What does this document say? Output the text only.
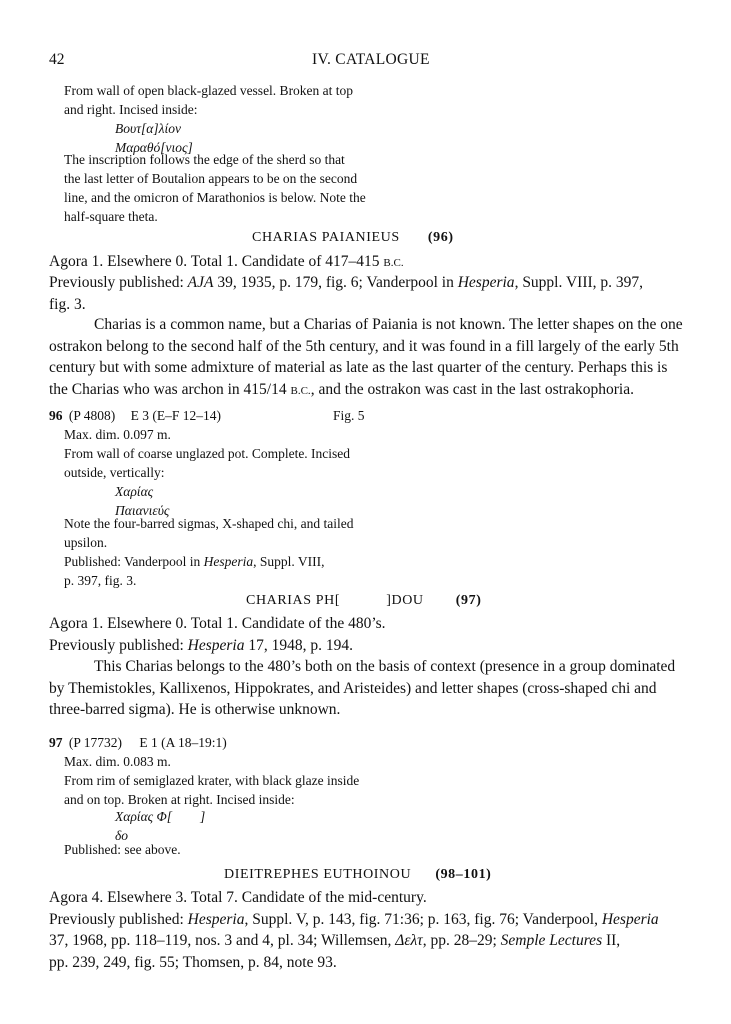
42	IV. CATALOGUE
From wall of open black-glazed vessel. Broken at top
and right. Incised inside:
Βουτ[α]λίον
Μαραθό[νιος]
The inscription follows the edge of the sherd so that
the last letter of Boutalion appears to be on the second
line, and the omicron of Marathonios is below. Note the
half-square theta.
CHARIAS PAIANIEUS (96)
Agora 1. Elsewhere 0. Total 1. Candidate of 417–415 B.C.
Previously published: AJA 39, 1935, p. 179, fig. 6; Vanderpool in Hesperia, Suppl. VIII, p. 397,
fig. 3.
Charias is a common name, but a Charias of Paiania is not known. The letter shapes on the one
ostrakon belong to the second half of the 5th century, and it was found in a fill largely of the early 5th
century but with some admixture of material as late as the last quarter of the century. Perhaps this is
the Charias who was archon in 415/14 B.C., and the ostrakon was cast in the last ostrakophoria.
96 (P 4808) E 3 (E–F 12–14)	Fig. 5
Max. dim. 0.097 m.
From wall of coarse unglazed pot. Complete. Incised
outside, vertically:
Χαρίας
Παιανιεύς
Note the four-barred sigmas, X-shaped chi, and tailed
upsilon.
Published: Vanderpool in Hesperia, Suppl. VIII,
p. 397, fig. 3.
CHARIAS PH[	]DOU (97)
Agora 1. Elsewhere 0. Total 1. Candidate of the 480’s.
Previously published: Hesperia 17, 1948, p. 194.
This Charias belongs to the 480’s both on the basis of context (presence in a group dominated
by Themistokles, Kallixenos, Hippokrates, and Aristeides) and letter shapes (cross-shaped chi and
three-barred sigma). He is otherwise unknown.
97 (P 17732) E 1 (A 18–19:1)
Max. dim. 0.083 m.
From rim of semiglazed krater, with black glaze inside
and on top. Broken at right. Incised inside:
Χαρίας Φ[ ]
δο
Published: see above.
DIEITREPHES EUTHOINOU (98–101)
Agora 4. Elsewhere 3. Total 7. Candidate of the mid-century.
Previously published: Hesperia, Suppl. V, p. 143, fig. 71:36; p. 163, fig. 76; Vanderpool, Hesperia
37, 1968, pp. 118–119, nos. 3 and 4, pl. 34; Willemsen, Δελτ, pp. 28–29; Semple Lectures II,
pp. 239, 249, fig. 55; Thomsen, p. 84, note 93.
